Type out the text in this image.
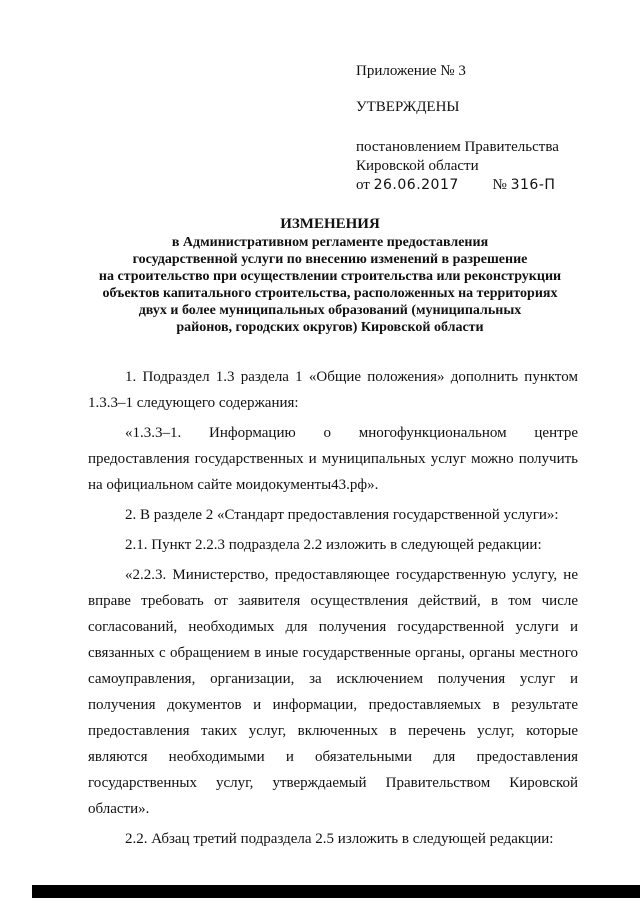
Приложение № 3
УТВЕРЖДЕНЫ
постановлением Правительства
Кировской области
от 26.06.2017 № 316-П
ИЗМЕНЕНИЯ
в Административном регламенте предоставления
государственной услуги по внесению изменений в разрешение
на строительство при осуществлении строительства или реконструкции
объектов капитального строительства, расположенных на территориях
двух и более муниципальных образований (муниципальных
районов, городских округов) Кировской области

1. Подраздел 1.3 раздела 1 «Общие положения» дополнить пунктом 1.3.3–1 следующего содержания:

«1.3.3–1. Информацию о многофункциональном центре предоставления государственных и муниципальных услуг можно получить на официальном сайте моидокументы43.рф».

2. В разделе 2 «Стандарт предоставления государственной услуги»:

2.1. Пункт 2.2.3 подраздела 2.2 изложить в следующей редакции:

«2.2.3. Министерство, предоставляющее государственную услугу, не вправе требовать от заявителя осуществления действий, в том числе согласований, необходимых для получения государственной услуги и связанных с обращением в иные государственные органы, органы местного самоуправления, организации, за исключением получения услуг и получения документов и информации, предоставляемых в результате предоставления таких услуг, включенных в перечень услуг, которые являются необходимыми и обязательными для предоставления государственных услуг, утверждаемый Правительством Кировской области».

2.2. Абзац третий подраздела 2.5 изложить в следующей редакции:
